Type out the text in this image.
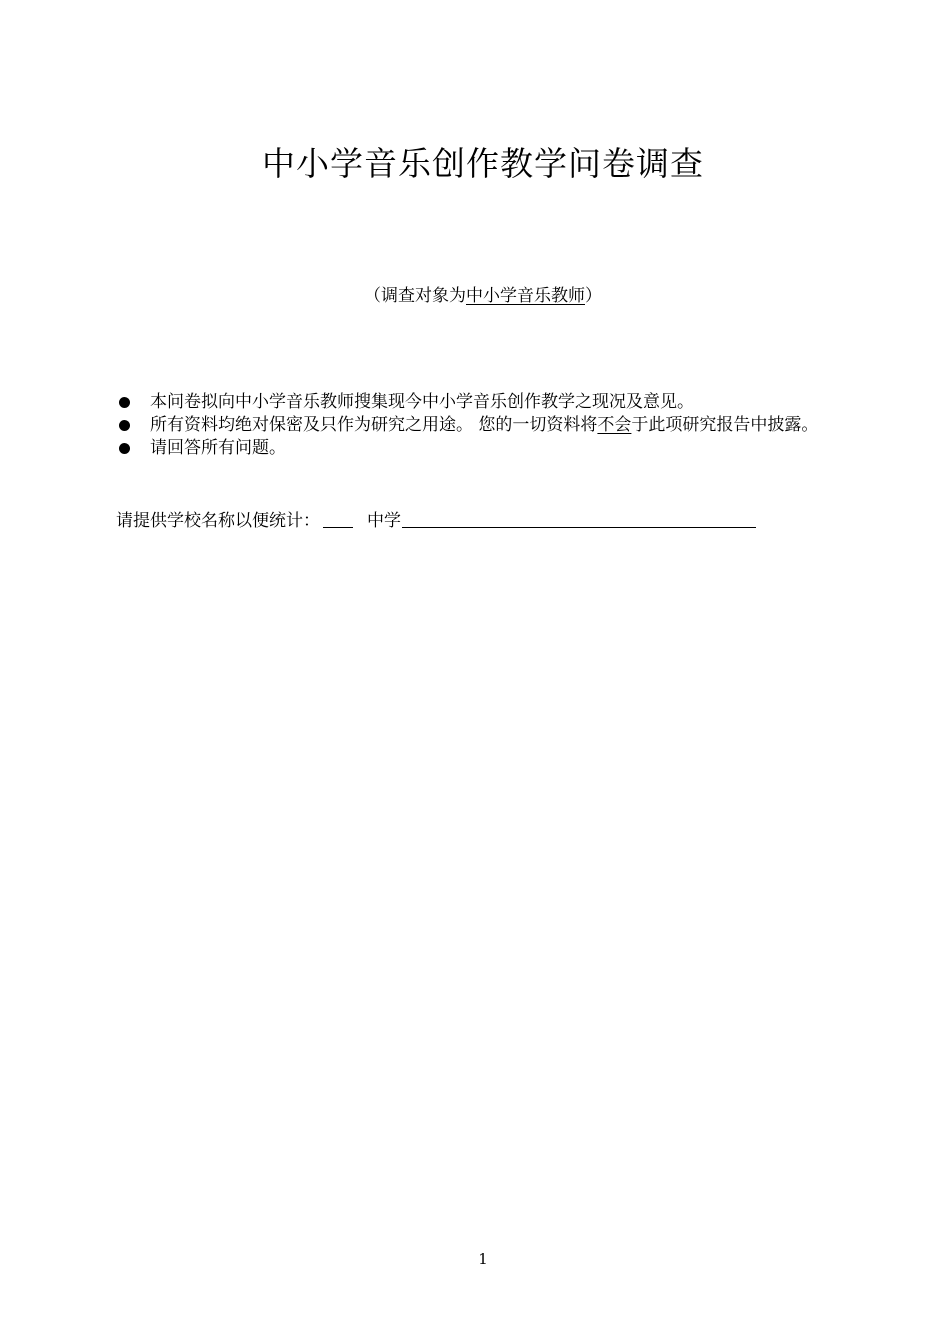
中小学音乐创作教学问卷调查
（调查对象为中小学音乐教师）
本问卷拟向中小学音乐教师搜集现今中小学音乐创作教学之现况及意见。
所有资料均绝对保密及只作为研究之用途。 您的一切资料将不会于此项研究报告中披露。
请回答所有问题。
请提供学校名称以便统计：	中学
1
